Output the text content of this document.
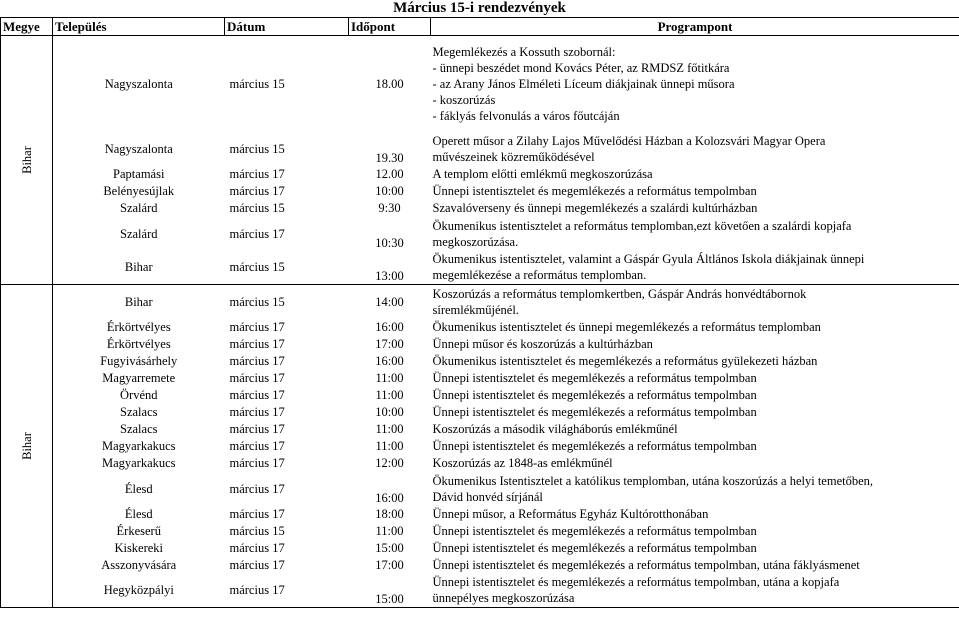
Március 15-i rendezvények
Megye	Település	Dátum	Időpont	Programpont
Bihar	Nagyszalonta	március 15	18.00	Megemlékezés a Kossuth szobornál:
- ünnepi beszédet mond Kovács Péter, az RMDSZ főtitkára
- az Arany János Elméleti Líceum diákjainak ünnepi műsora
- koszorúzás
- fáklyás felvonulás a város főutcáján

	Nagyszalonta	március 15	19.30	Operett műsor a Zilahy Lajos Művelődési Házban a Kolozsvári Magyar Opera
művészeinek közreműködésével

	Paptamási	március 17	12.00	A templom előtti emlékmű megkoszorúzása

	Belényesújlak	március 17	10:00	Ünnepi istentisztelet és megemlékezés a református tempolmban

	Szalárd	március 15	9:30	Szavalóverseny és ünnepi megemlékezés a szalárdi kultúrházban

	Szalárd	március 17	10:30	Ökumenikus istentisztelet a református templomban,ezt követően a szalárdi kopjafa
megkoszorúzása.

	Bihar	március 15	13:00	Ökumenikus istentisztelet, valamint a Gáspár Gyula Áltlános Iskola diákjainak ünnepi
megemlékezése a református templomban.

Bihar	Bihar	március 15	14:00	Koszorúzás a református templomkertben, Gáspár András honvédtábornok
síremlékműjénél.

	Érkörtvélyes	március 17	16:00	Ökumenikus istentisztelet és ünnepi megemlékezés a református templomban

	Érkörtvélyes	március 17	17:00	Ünnepi műsor és koszorúzás a kultúrházban

	Fugyivásárhely	március 17	16:00	Ökumenikus istentisztelet és megemlékezés a református gyülekezeti házban

	Magyarremete	március 17	11:00	Ünnepi istentisztelet és megemlékezés a református tempolmban

	Örvénd	március 17	11:00	Ünnepi istentisztelet és megemlékezés a református tempolmban

	Szalacs	március 17	10:00	Ünnepi istentisztelet és megemlékezés a református tempolmban

	Szalacs	március 17	11:00	Koszorúzás a második világháborús emlékműnél

	Magyarkakucs	március 17	11:00	Ünnepi istentisztelet és megemlékezés a református tempolmban

	Magyarkakucs	március 17	12:00	Koszorúzás az 1848-as emlékműnél

	Élesd	március 17	16:00	Ökumenikus Istentisztelet a katólikus templomban, utána koszorúzás a helyi temetőben,
Dávid honvéd sírjánál

	Élesd	március 17	18:00	Ünnepi műsor, a Református Egyház Kultórotthonában

	Érkeserű	március 15	11:00	Ünnepi istentisztelet és megemlékezés a református tempolmban

	Kiskereki	március 17	15:00	Ünnepi istentisztelet és megemlékezés a református tempolmban

	Asszonyvására	március 17	17:00	Ünnepi istentisztelet és megemlékezés a református tempolmban, utána fáklyásmenet

	Hegyközpályi	március 17	15:00	Ünnepi istentisztelet és megemlékezés a református tempolmban, utána a kopjafa
ünnepélyes megkoszorúzása
